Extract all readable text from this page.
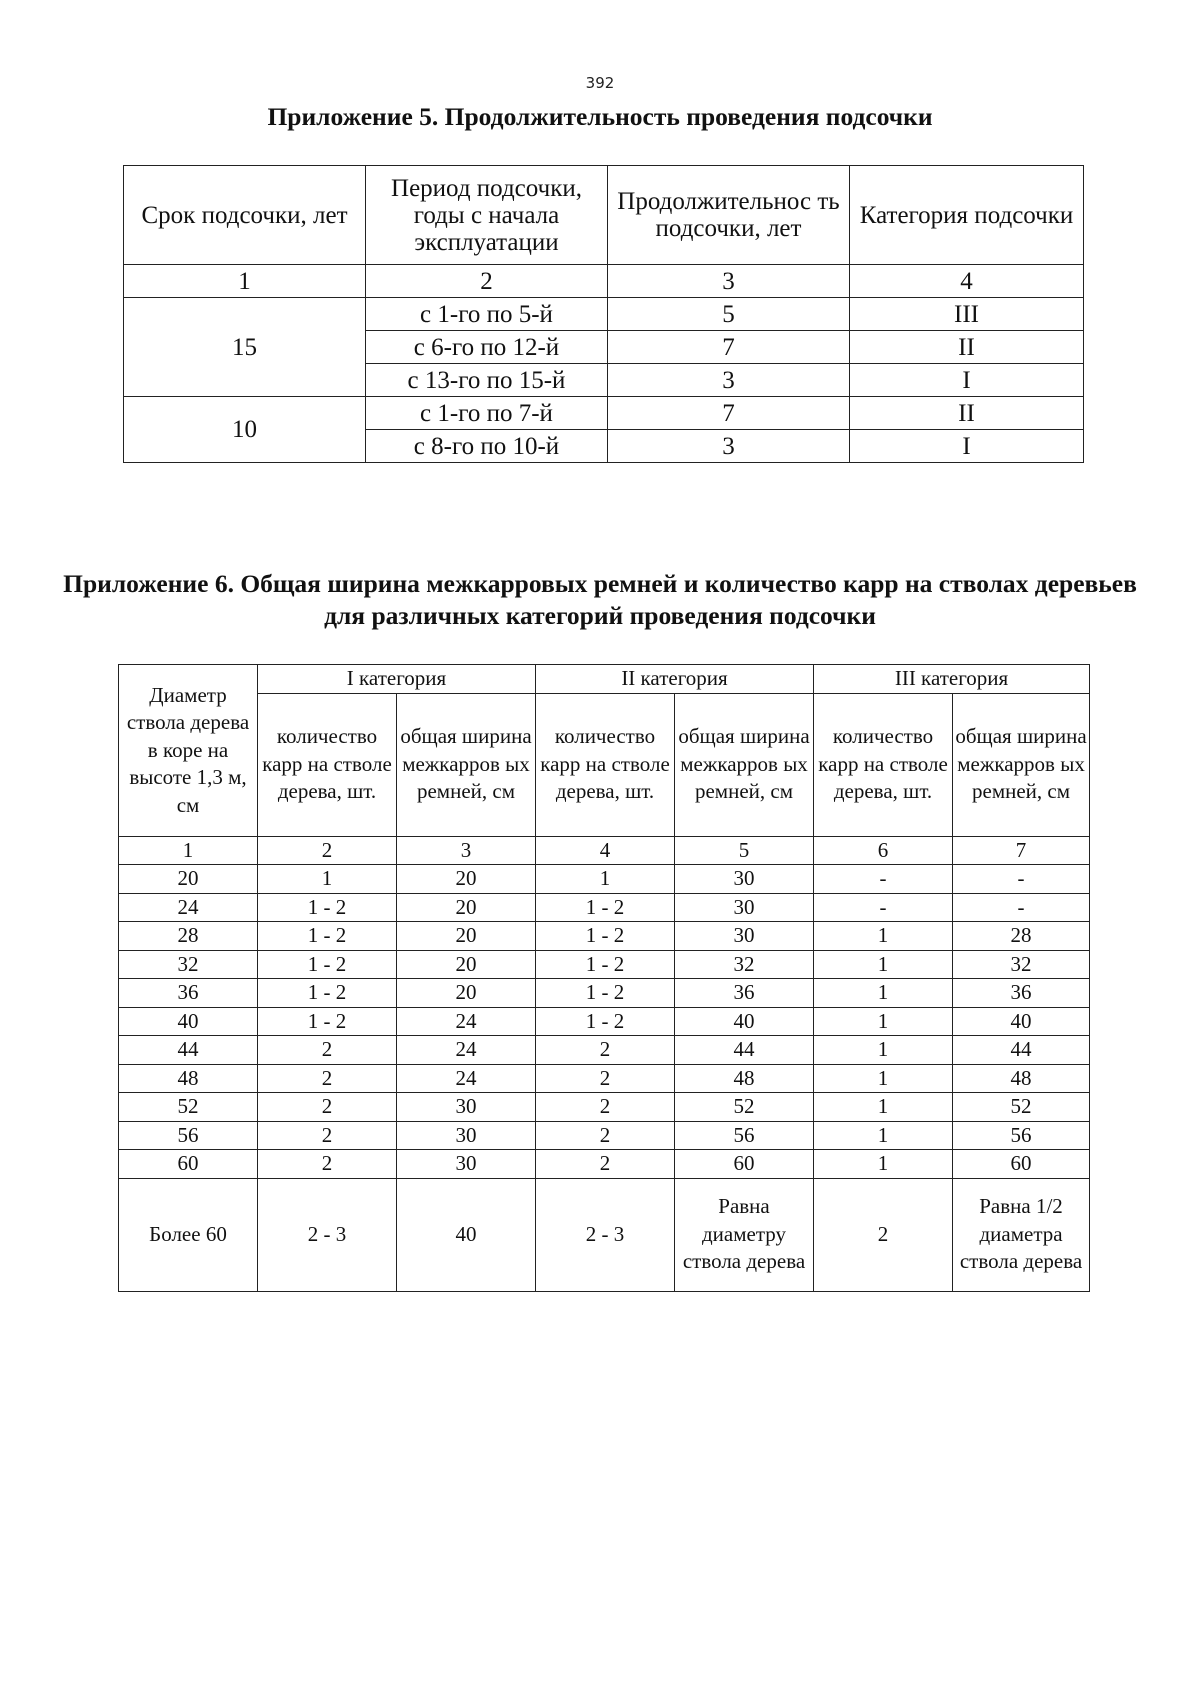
392
Приложение 5. Продолжительность проведения подсочки
Срок подсочки, лет	Период подсочки, годы с начала эксплуатации	Продолжительнос ть подсочки, лет	Категория подсочки
1	2	3	4
15	с 1-го по 5-й	5	III
	с 6-го по 12-й	7	II
	с 13-го по 15-й	3	I
10	с 1-го по 7-й	7	II
	с 8-го по 10-й	3	I
Приложение 6. Общая ширина межкарровых ремней и количество карр на стволах деревьев для различных категорий проведения подсочки
Диаметр ствола дерева в коре на высоте 1,3 м, см	I категория		II категория		III категория	
	количество карр на стволе дерева, шт.	общая ширина межкарров ых ремней, см	количество карр на стволе дерева, шт.	общая ширина межкарров ых ремней, см	количество карр на стволе дерева, шт.	общая ширина межкарров ых ремней, см
1	2	3	4	5	6	7
20	1	20	1	30	-	-
24	1 - 2	20	1 - 2	30	-	-
28	1 - 2	20	1 - 2	30	1	28
32	1 - 2	20	1 - 2	32	1	32
36	1 - 2	20	1 - 2	36	1	36
40	1 - 2	24	1 - 2	40	1	40
44	2	24	2	44	1	44
48	2	24	2	48	1	48
52	2	30	2	52	1	52
56	2	30	2	56	1	56
60	2	30	2	60	1	60
Более 60	2 - 3	40	2 - 3	Равна диаметру ствола дерева	2	Равна 1/2 диаметра ствола дерева
